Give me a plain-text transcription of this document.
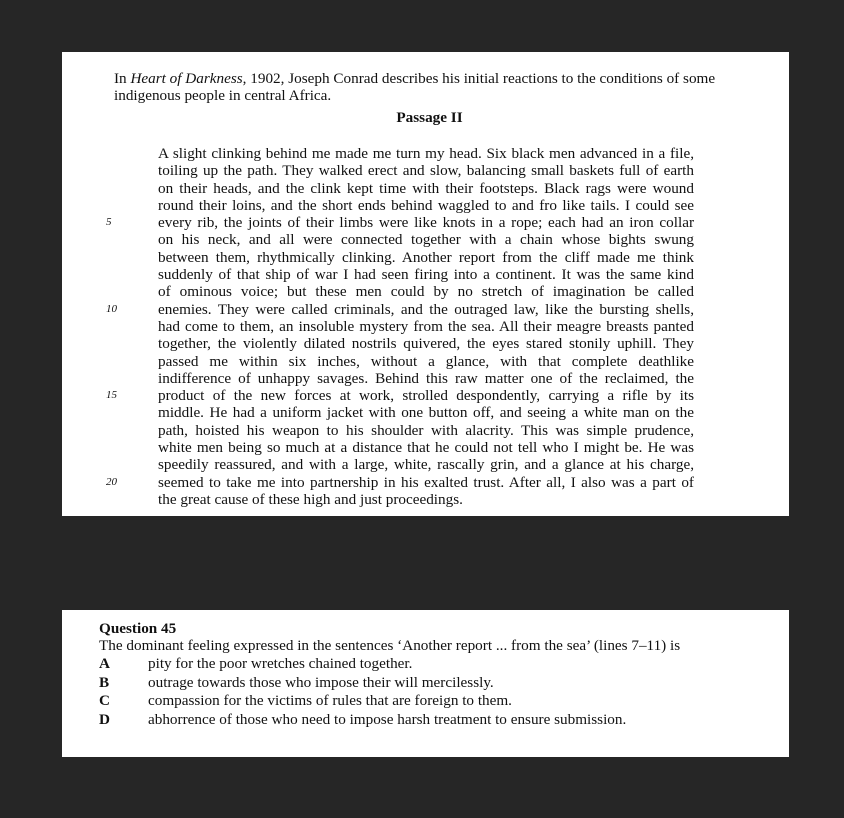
In Heart of Darkness, 1902, Joseph Conrad describes his initial reactions to the conditions of some indigenous people in central Africa.
Passage II
5
10
15
20
A slight clinking behind me made me turn my head. Six black men advanced in a file,
toiling up the path. They walked erect and slow, balancing small baskets full of earth
on their heads, and the clink kept time with their footsteps. Black rags were wound
round their loins, and the short ends behind waggled to and fro like tails. I could see
every rib, the joints of their limbs were like knots in a rope; each had an iron collar
on his neck, and all were connected together with a chain whose bights swung
between them, rhythmically clinking. Another report from the cliff made me think
suddenly of that ship of war I had seen firing into a continent. It was the same kind
of ominous voice; but these men could by no stretch of imagination be called
enemies. They were called criminals, and the outraged law, like the bursting shells,
had come to them, an insoluble mystery from the sea. All their meagre breasts panted
together, the violently dilated nostrils quivered, the eyes stared stonily uphill. They
passed me within six inches, without a glance, with that complete deathlike
indifference of unhappy savages. Behind this raw matter one of the reclaimed, the
product of the new forces at work, strolled despondently, carrying a rifle by its
middle. He had a uniform jacket with one button off, and seeing a white man on the
path, hoisted his weapon to his shoulder with alacrity. This was simple prudence,
white men being so much at a distance that he could not tell who I might be. He was
speedily reassured, and with a large, white, rascally grin, and a glance at his charge,
seemed to take me into partnership in his exalted trust. After all, I also was a part of
the great cause of these high and just proceedings.
Question 45
The dominant feeling expressed in the sentences ‘Another report ... from the sea’ (lines 7–11) is
A	pity for the poor wretches chained together.
B	outrage towards those who impose their will mercilessly.
C	compassion for the victims of rules that are foreign to them.
D	abhorrence of those who need to impose harsh treatment to ensure submission.
